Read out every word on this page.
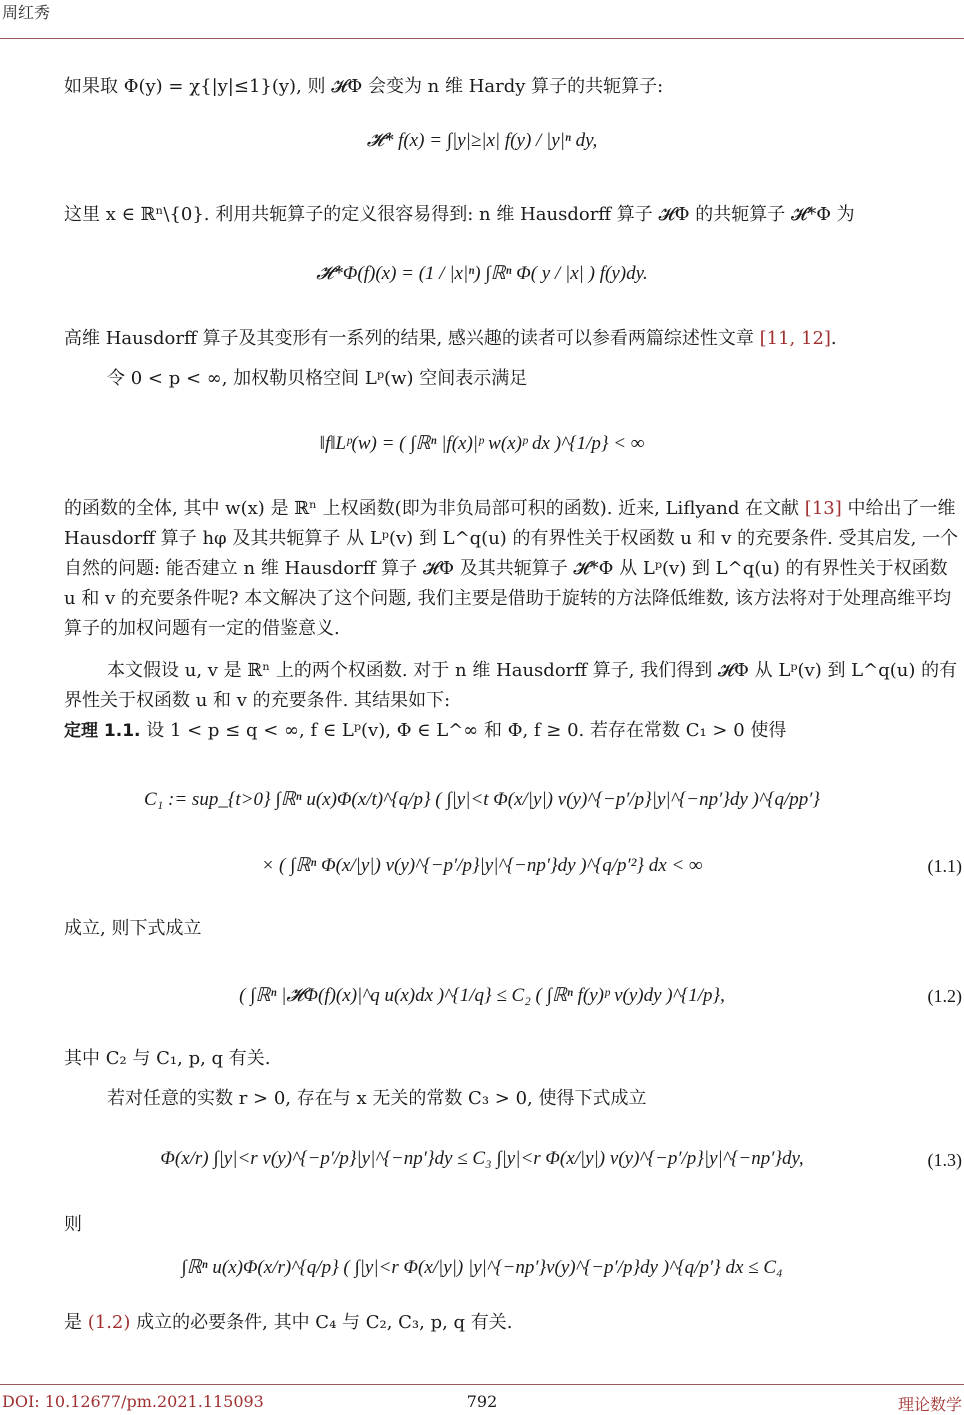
周红秀
如果取 Φ(y) = χ{|y|≤1}(y), 则 𝓗Φ 会变为 n 维 Hardy 算子的共轭算子:
𝓗* f(x) = ∫|y|≥|x| f(y) / |y|ⁿ dy,
这里 x ∈ ℝⁿ\{0}. 利用共轭算子的定义很容易得到: n 维 Hausdorff 算子 𝓗Φ 的共轭算子 𝓗*Φ 为
𝓗*Φ(f)(x) = (1 / |x|ⁿ) ∫ℝⁿ Φ( y / |x| ) f(y)dy.
高维 Hausdorff 算子及其变形有一系列的结果, 感兴趣的读者可以参看两篇综述性文章 [11, 12].
令 0 < p < ∞, 加权勒贝格空间 Lᵖ(w) 空间表示满足
‖f‖Lᵖ(w) = ( ∫ℝⁿ |f(x)|ᵖ w(x)ᵖ dx )^{1/p} < ∞
的函数的全体, 其中 w(x) 是 ℝⁿ 上权函数(即为非负局部可积的函数). 近来, Liflyand 在文献 [13] 中给出了一维 Hausdorff 算子 hφ 及其共轭算子 从 Lᵖ(v) 到 L^q(u) 的有界性关于权函数 u 和 v 的充要条件. 受其启发, 一个自然的问题: 能否建立 n 维 Hausdorff 算子 𝓗Φ 及其共轭算子 𝓗*Φ 从 Lᵖ(v) 到 L^q(u) 的有界性关于权函数 u 和 v 的充要条件呢? 本文解决了这个问题, 我们主要是借助于旋转的方法降低维数, 该方法将对于处理高维平均算子的加权问题有一定的借鉴意义.
本文假设 u, v 是 ℝⁿ 上的两个权函数. 对于 n 维 Hausdorff 算子, 我们得到 𝓗Φ 从 Lᵖ(v) 到 L^q(u) 的有界性关于权函数 u 和 v 的充要条件. 其结果如下:
定理 1.1. 设 1 < p ≤ q < ∞, f ∈ Lᵖ(v), Φ ∈ L^∞ 和 Φ, f ≥ 0. 若存在常数 C₁ > 0 使得
C₁ := sup_{t>0} ∫ℝⁿ u(x)Φ(x/t)^{q/p} ( ∫|y|<t Φ(x/|y|) v(y)^{−p′/p}|y|^{−np′}dy )^{q/pp′}
× ( ∫ℝⁿ Φ(x/|y|) v(y)^{−p′/p}|y|^{−np′}dy )^{q/p′²} dx < ∞	(1.1)
成立, 则下式成立
( ∫ℝⁿ |𝓗Φ(f)(x)|^q u(x)dx )^{1/q} ≤ C₂ ( ∫ℝⁿ f(y)ᵖ v(y)dy )^{1/p},	(1.2)
其中 C₂ 与 C₁, p, q 有关.
若对任意的实数 r > 0, 存在与 x 无关的常数 C₃ > 0, 使得下式成立
Φ(x/r) ∫|y|<r v(y)^{−p′/p}|y|^{−np′}dy ≤ C₃ ∫|y|<r Φ(x/|y|) v(y)^{−p′/p}|y|^{−np′}dy,	(1.3)
则
∫ℝⁿ u(x)Φ(x/r)^{q/p} ( ∫|y|<r Φ(x/|y|) |y|^{−np′}v(y)^{−p′/p}dy )^{q/p′} dx ≤ C₄
是 (1.2) 成立的必要条件, 其中 C₄ 与 C₂, C₃, p, q 有关.
DOI: 10.12677/pm.2021.115093	792	理论数学
